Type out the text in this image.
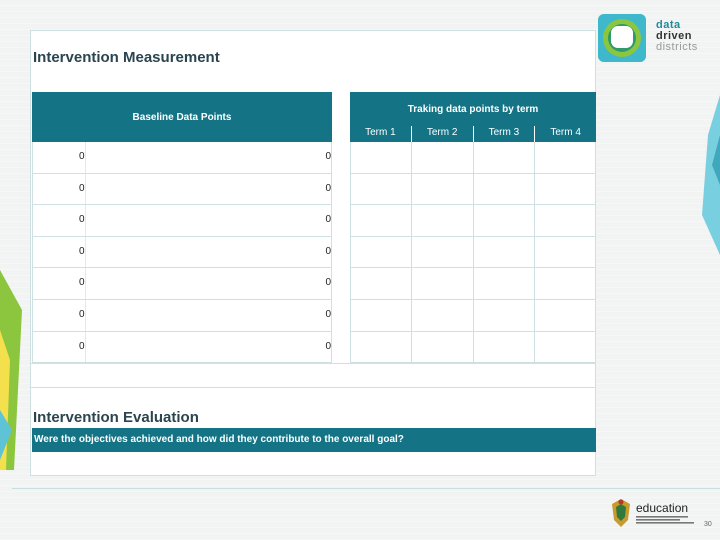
data
driven
districts
Intervention Measurement
Baseline Data Points
0	0
0	0
0	0
0	0
0	0
0	0
0	0
Traking data points by term
Term 1	Term 2	Term 3	Term 4
Intervention Evaluation
Were the objectives achieved and how did they contribute to the overall goal?
education
30
